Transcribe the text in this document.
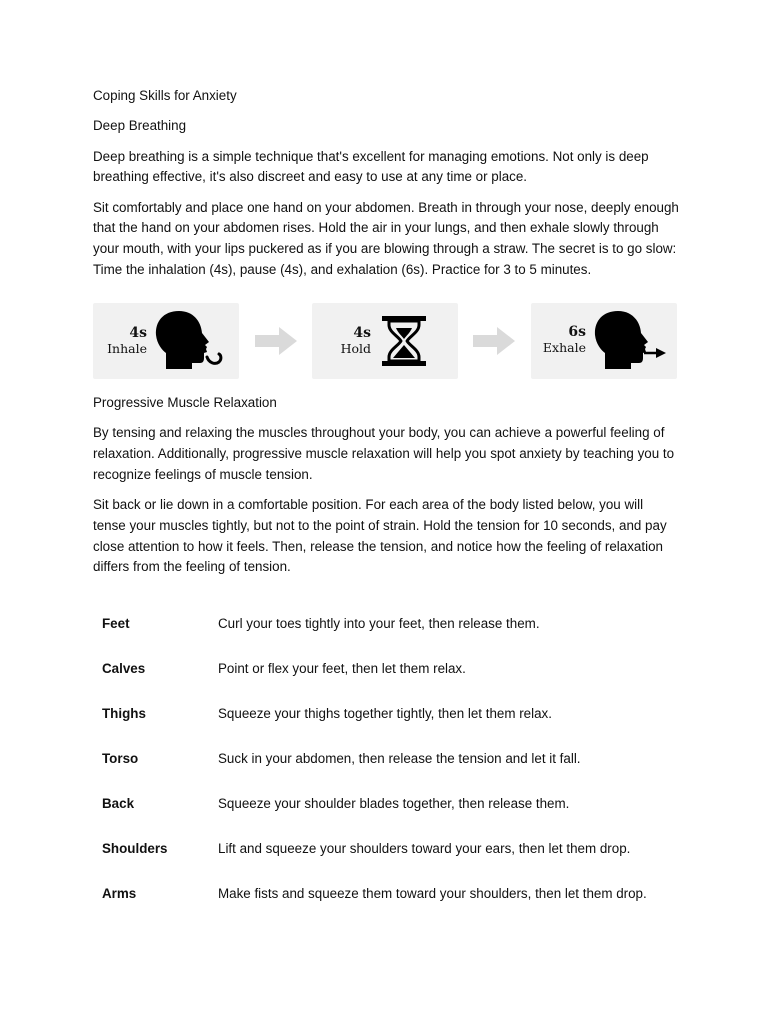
Coping Skills for Anxiety

Deep Breathing

Deep breathing is a simple technique that's excellent for managing emotions. Not only is deep breathing effective, it's also discreet and easy to use at any time or place.

Sit comfortably and place one hand on your abdomen. Breath in through your nose, deeply enough that the hand on your abdomen rises. Hold the air in your lungs, and then exhale slowly through your mouth, with your lips puckered as if you are blowing through a straw. The secret is to go slow: Time the inhalation (4s), pause (4s), and exhalation (6s). Practice for 3 to 5 minutes.

4s
Inhale
4s
Hold
6s
Exhale

Progressive Muscle Relaxation

By tensing and relaxing the muscles throughout your body, you can achieve a powerful feeling of relaxation. Additionally, progressive muscle relaxation will help you spot anxiety by teaching you to recognize feelings of muscle tension.

Sit back or lie down in a comfortable position. For each area of the body listed below, you will tense your muscles tightly, but not to the point of strain. Hold the tension for 10 seconds, and pay close attention to how it feels. Then, release the tension, and notice how the feeling of relaxation differs from the feeling of tension.

Feet	Curl your toes tightly into your feet, then release them.
Calves	Point or flex your feet, then let them relax.
Thighs	Squeeze your thighs together tightly, then let them relax.
Torso	Suck in your abdomen, then release the tension and let it fall.
Back	Squeeze your shoulder blades together, then release them.
Shoulders	Lift and squeeze your shoulders toward your ears, then let them drop.
Arms	Make fists and squeeze them toward your shoulders, then let them drop.
